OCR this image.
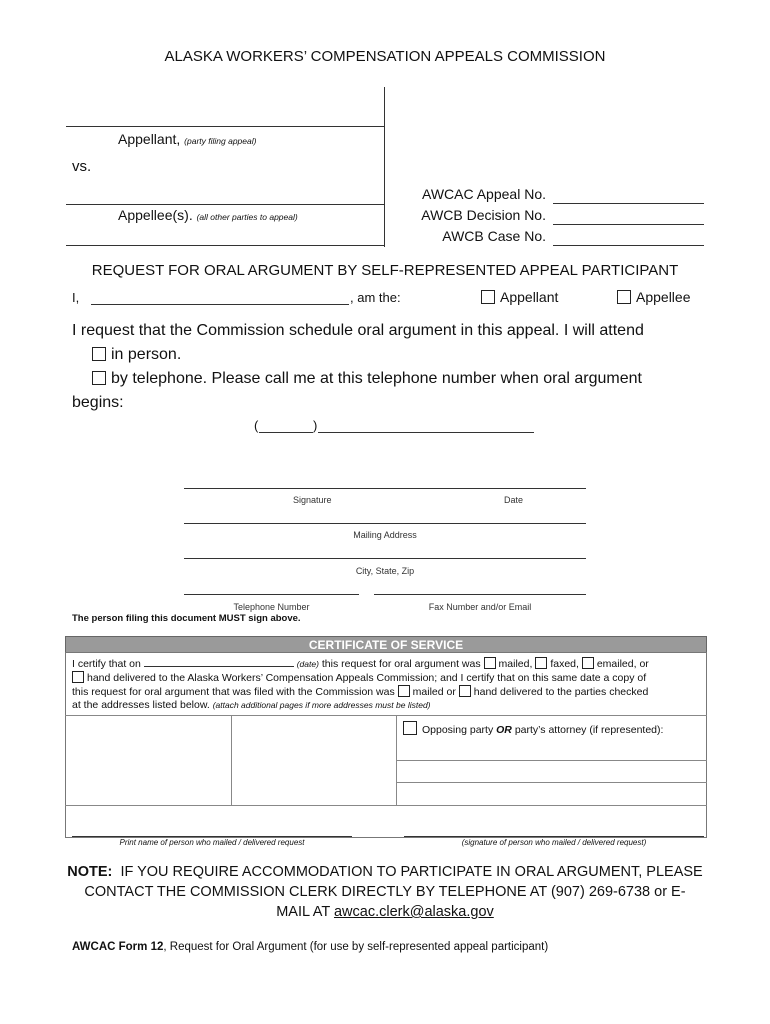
ALASKA WORKERS’ COMPENSATION APPEALS COMMISSION
Appellant, (party filing appeal)
vs.
Appellee(s). (all other parties to appeal)
AWCAC Appeal No.
AWCB Decision No.
AWCB Case No.
REQUEST FOR ORAL ARGUMENT BY SELF-REPRESENTED APPEAL PARTICIPANT
I,	, am the:	Appellant	Appellee
I request that the Commission schedule oral argument in this appeal. I will attend
in person.
by telephone. Please call me at this telephone number when oral argument
begins:
(	)
Signature	Date
Mailing Address
City, State, Zip
Telephone Number	Fax Number and/or Email
The person filing this document MUST sign above.
CERTIFICATE OF SERVICE
I certify that on	(date) this request for oral argument was mailed, faxed, emailed, or
hand delivered to the Alaska Workers’ Compensation Appeals Commission; and I certify that on this same date a copy of
this request for oral argument that was filed with the Commission was mailed or hand delivered to the parties checked
at the addresses listed below. (attach additional pages if more addresses must be listed)
Opposing party OR party’s attorney (if represented):
Print name of person who mailed / delivered request	(signature of person who mailed / delivered request)
NOTE: IF YOU REQUIRE ACCOMMODATION TO PARTICIPATE IN ORAL ARGUMENT, PLEASE
CONTACT THE COMMISSION CLERK DIRECTLY BY TELEPHONE AT (907) 269-6738 or E-
MAIL AT awcac.clerk@alaska.gov
AWCAC Form 12, Request for Oral Argument (for use by self-represented appeal participant)
